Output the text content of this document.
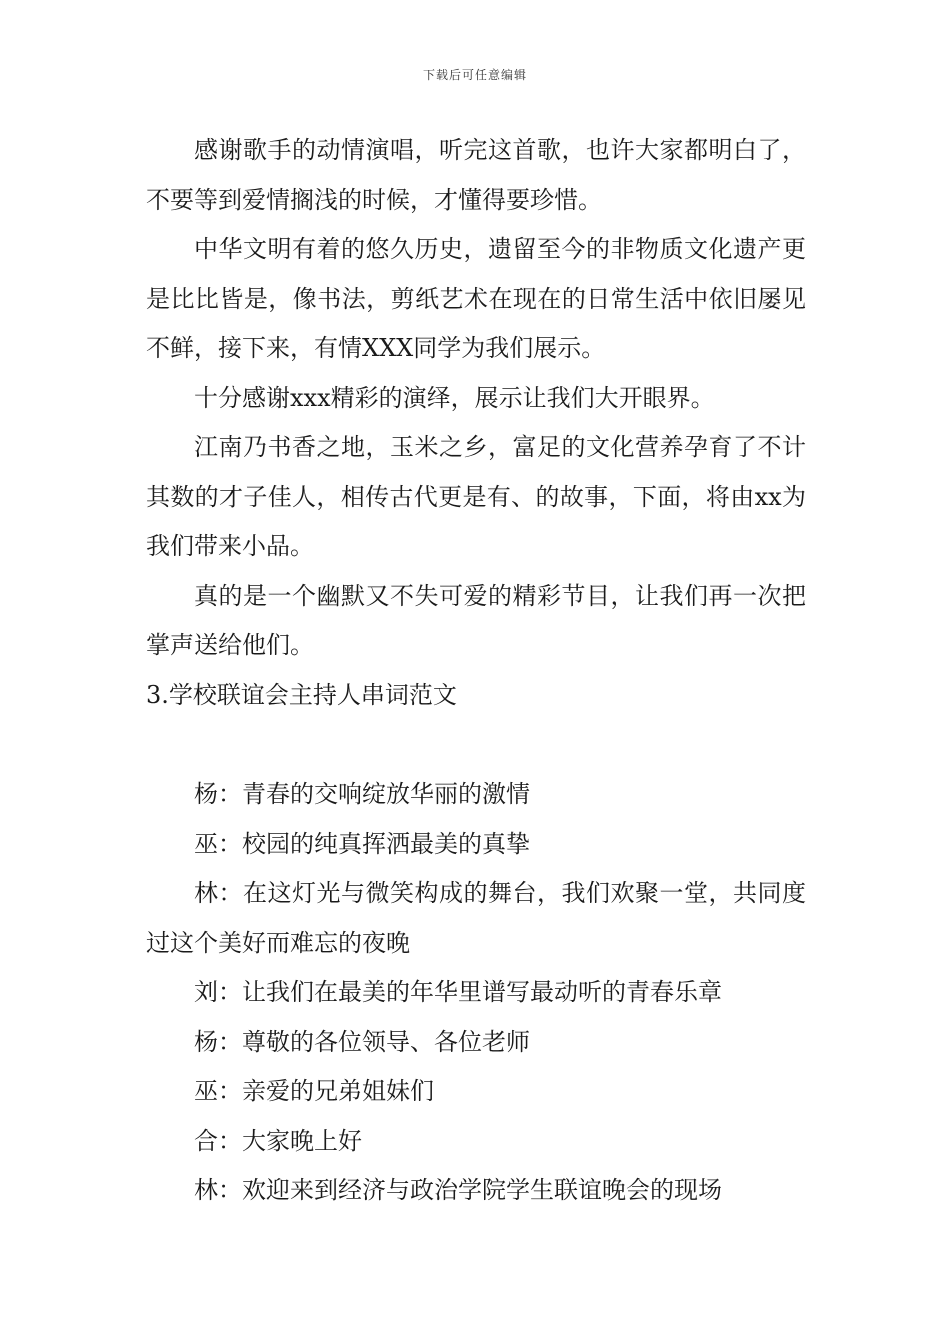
下载后可任意编辑

感谢歌手的动情演唱，听完这首歌，也许大家都明白了，不要等到爱情搁浅的时候，才懂得要珍惜。

中华文明有着的悠久历史，遗留至今的非物质文化遗产更是比比皆是，像书法，剪纸艺术在现在的日常生活中依旧屡见不鲜，接下来，有情XXX同学为我们展示。

十分感谢xxx精彩的演绎，展示让我们大开眼界。

江南乃书香之地，玉米之乡，富足的文化营养孕育了不计其数的才子佳人，相传古代更是有、的故事，下面，将由xx为我们带来小品。

真的是一个幽默又不失可爱的精彩节目，让我们再一次把掌声送给他们。

3.学校联谊会主持人串词范文

杨：青春的交响绽放华丽的激情

巫：校园的纯真挥洒最美的真挚

林：在这灯光与微笑构成的舞台，我们欢聚一堂，共同度过这个美好而难忘的夜晚

刘：让我们在最美的年华里谱写最动听的青春乐章

杨：尊敬的各位领导、各位老师

巫：亲爱的兄弟姐妹们

合：大家晚上好

林：欢迎来到经济与政治学院学生联谊晚会的现场
